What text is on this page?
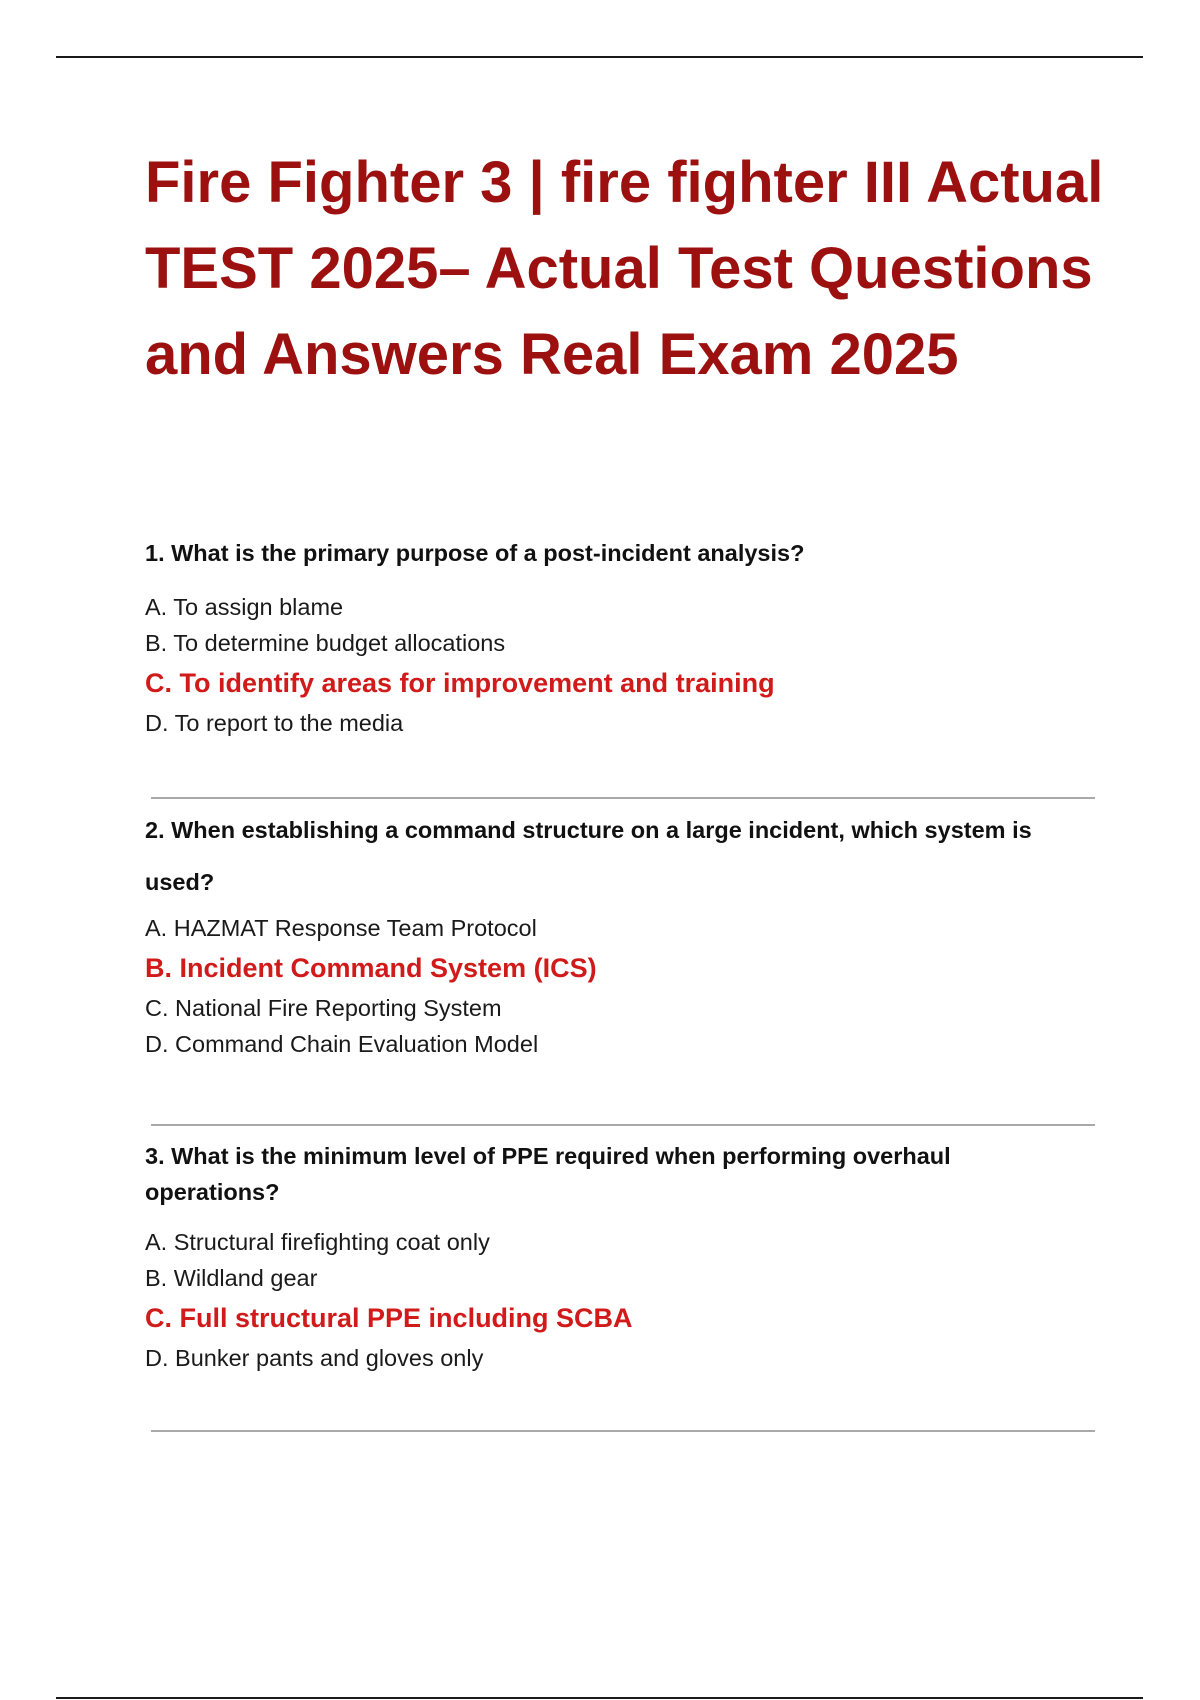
Fire Fighter 3 | fire fighter III Actual TEST 2025– Actual Test Questions and Answers Real Exam 2025

1. What is the primary purpose of a post-incident analysis?

A. To assign blame
B. To determine budget allocations
C. To identify areas for improvement and training
D. To report to the media

2. When establishing a command structure on a large incident, which system is used?

A. HAZMAT Response Team Protocol
B. Incident Command System (ICS)
C. National Fire Reporting System
D. Command Chain Evaluation Model

3. What is the minimum level of PPE required when performing overhaul operations?

A. Structural firefighting coat only
B. Wildland gear
C. Full structural PPE including SCBA
D. Bunker pants and gloves only
